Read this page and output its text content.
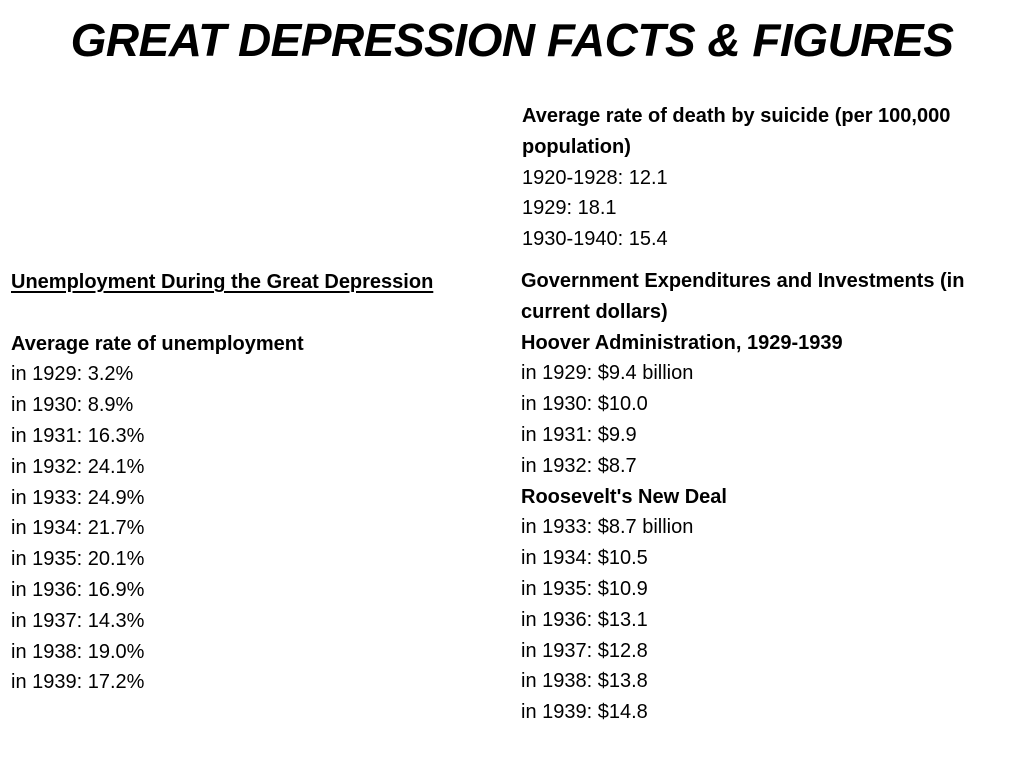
GREAT DEPRESSION FACTS & FIGURES
Average rate of death by suicide (per 100,000 population)
1920-1928: 12.1
1929: 18.1
1930-1940: 15.4
Unemployment During the Great Depression
Average rate of unemployment
in 1929: 3.2%
in 1930: 8.9%
in 1931: 16.3%
in 1932: 24.1%
in 1933: 24.9%
in 1934: 21.7%
in 1935: 20.1%
in 1936: 16.9%
in 1937: 14.3%
in 1938: 19.0%
in 1939: 17.2%
Government Expenditures and Investments (in current dollars)
Hoover Administration, 1929-1939
in 1929: $9.4 billion
in 1930: $10.0
in 1931: $9.9
in 1932: $8.7
Roosevelt's New Deal
in 1933: $8.7 billion
in 1934: $10.5
in 1935: $10.9
in 1936: $13.1
in 1937: $12.8
in 1938: $13.8
in 1939: $14.8
